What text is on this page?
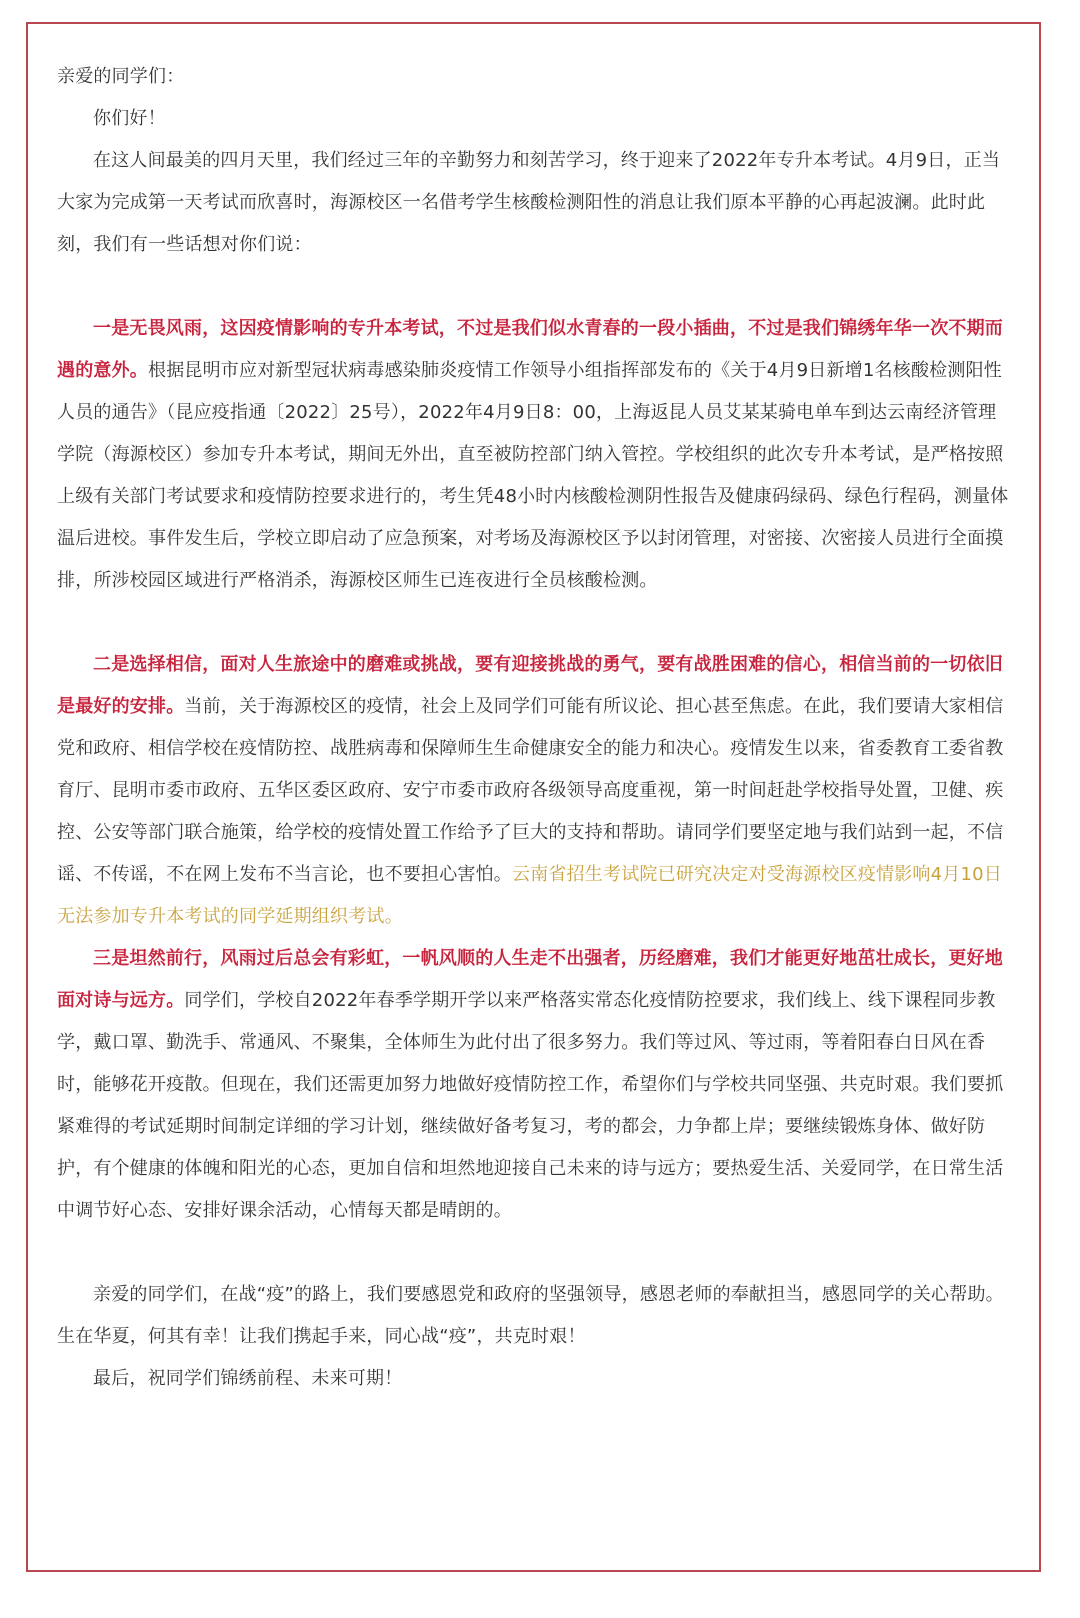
亲爱的同学们：

你们好！

在这人间最美的四月天里，我们经过三年的辛勤努力和刻苦学习，终于迎来了2022年专升本考试。4月9日，正当大家为完成第一天考试而欣喜时，海源校区一名借考学生核酸检测阳性的消息让我们原本平静的心再起波澜。此时此刻，我们有一些话想对你们说：

一是无畏风雨，这因疫情影响的专升本考试，不过是我们似水青春的一段小插曲，不过是我们锦绣年华一次不期而遇的意外。根据昆明市应对新型冠状病毒感染肺炎疫情工作领导小组指挥部发布的《关于4月9日新增1名核酸检测阳性人员的通告》（昆应疫指通〔2022〕25号），2022年4月9日8：00，上海返昆人员艾某某骑电单车到达云南经济管理学院（海源校区）参加专升本考试，期间无外出，直至被防控部门纳入管控。学校组织的此次专升本考试，是严格按照上级有关部门考试要求和疫情防控要求进行的，考生凭48小时内核酸检测阴性报告及健康码绿码、绿色行程码，测量体温后进校。事件发生后，学校立即启动了应急预案，对考场及海源校区予以封闭管理，对密接、次密接人员进行全面摸排，所涉校园区域进行严格消杀，海源校区师生已连夜进行全员核酸检测。

二是选择相信，面对人生旅途中的磨难或挑战，要有迎接挑战的勇气，要有战胜困难的信心，相信当前的一切依旧是最好的安排。当前，关于海源校区的疫情，社会上及同学们可能有所议论、担心甚至焦虑。在此，我们要请大家相信党和政府、相信学校在疫情防控、战胜病毒和保障师生生命健康安全的能力和决心。疫情发生以来，省委教育工委省教育厅、昆明市委市政府、五华区委区政府、安宁市委市政府各级领导高度重视，第一时间赶赴学校指导处置，卫健、疾控、公安等部门联合施策，给学校的疫情处置工作给予了巨大的支持和帮助。请同学们要坚定地与我们站到一起，不信谣、不传谣，不在网上发布不当言论，也不要担心害怕。云南省招生考试院已研究决定对受海源校区疫情影响4月10日无法参加专升本考试的同学延期组织考试。

三是坦然前行，风雨过后总会有彩虹，一帆风顺的人生走不出强者，历经磨难，我们才能更好地茁壮成长，更好地面对诗与远方。同学们，学校自2022年春季学期开学以来严格落实常态化疫情防控要求，我们线上、线下课程同步教学，戴口罩、勤洗手、常通风、不聚集，全体师生为此付出了很多努力。我们等过风、等过雨，等着阳春白日风在香时，能够花开疫散。但现在，我们还需更加努力地做好疫情防控工作，希望你们与学校共同坚强、共克时艰。我们要抓紧难得的考试延期时间制定详细的学习计划，继续做好备考复习，考的都会，力争都上岸；要继续锻炼身体、做好防护，有个健康的体魄和阳光的心态，更加自信和坦然地迎接自己未来的诗与远方；要热爱生活、关爱同学，在日常生活中调节好心态、安排好课余活动，心情每天都是晴朗的。

亲爱的同学们，在战“疫”的路上，我们要感恩党和政府的坚强领导，感恩老师的奉献担当，感恩同学的关心帮助。生在华夏，何其有幸！让我们携起手来，同心战“疫”，共克时艰！

最后，祝同学们锦绣前程、未来可期！
